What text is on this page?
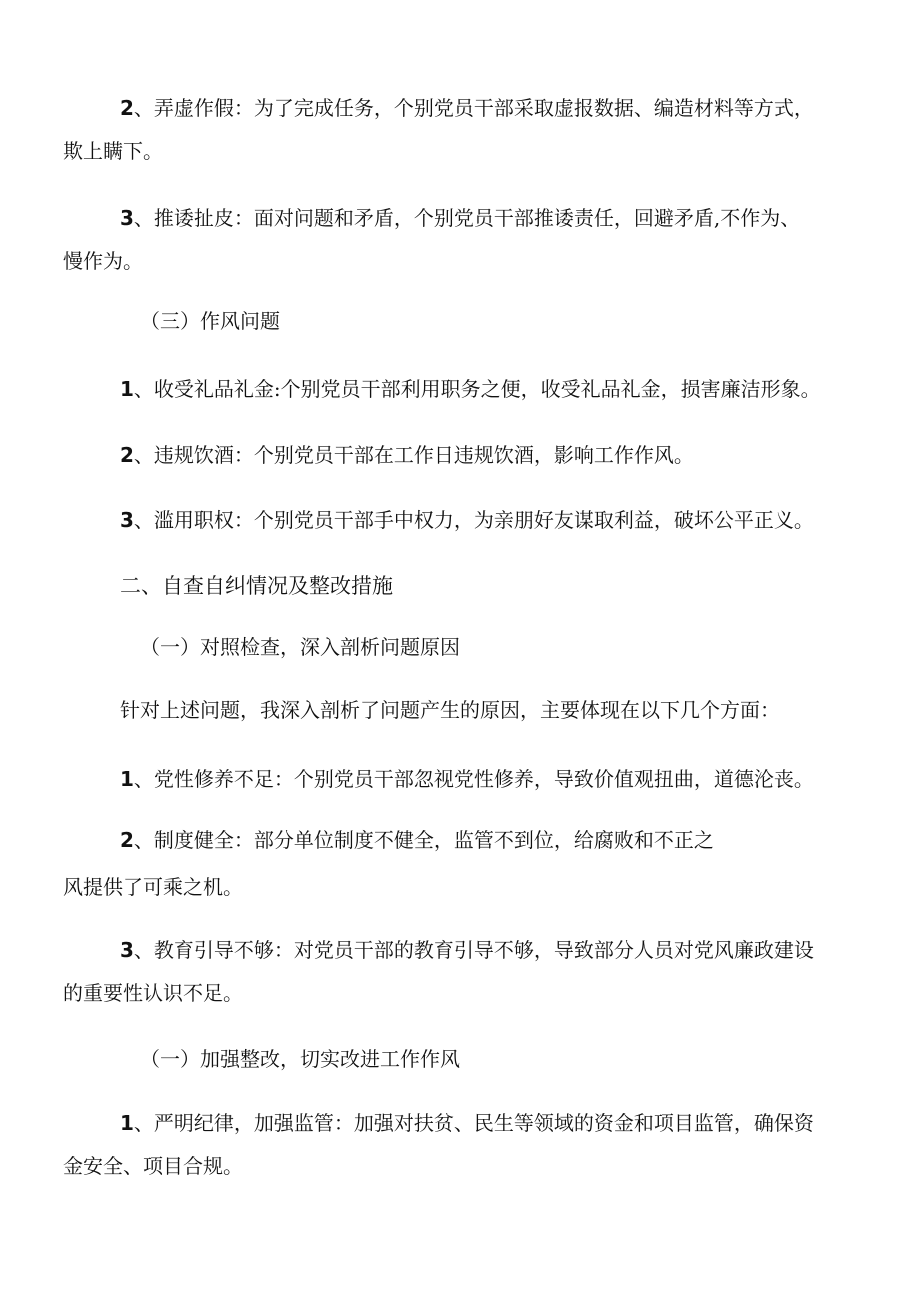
2、弄虚作假：为了完成任务，个别党员干部采取虚报数据、编造材料等方式，
欺上瞒下。
3、推诿扯皮：面对问题和矛盾，个别党员干部推诿责任，回避矛盾,不作为、
慢作为。
（三）作风问题
1、收受礼品礼金:个别党员干部利用职务之便，收受礼品礼金，损害廉洁形象。
2、违规饮酒：个别党员干部在工作日违规饮酒，影响工作作风。
3、滥用职权：个别党员干部手中权力，为亲朋好友谋取利益，破坏公平正义。
二、自查自纠情况及整改措施
（一）对照检查，深入剖析问题原因
针对上述问题，我深入剖析了问题产生的原因，主要体现在以下几个方面：
1、党性修养不足：个别党员干部忽视党性修养，导致价值观扭曲，道德沦丧。
2、制度健全：部分单位制度不健全，监管不到位，给腐败和不正之
风提供了可乘之机。
3、教育引导不够：对党员干部的教育引导不够，导致部分人员对党风廉政建设
的重要性认识不足。
（一）加强整改，切实改进工作作风
1、严明纪律，加强监管：加强对扶贫、民生等领域的资金和项目监管，确保资
金安全、项目合规。
